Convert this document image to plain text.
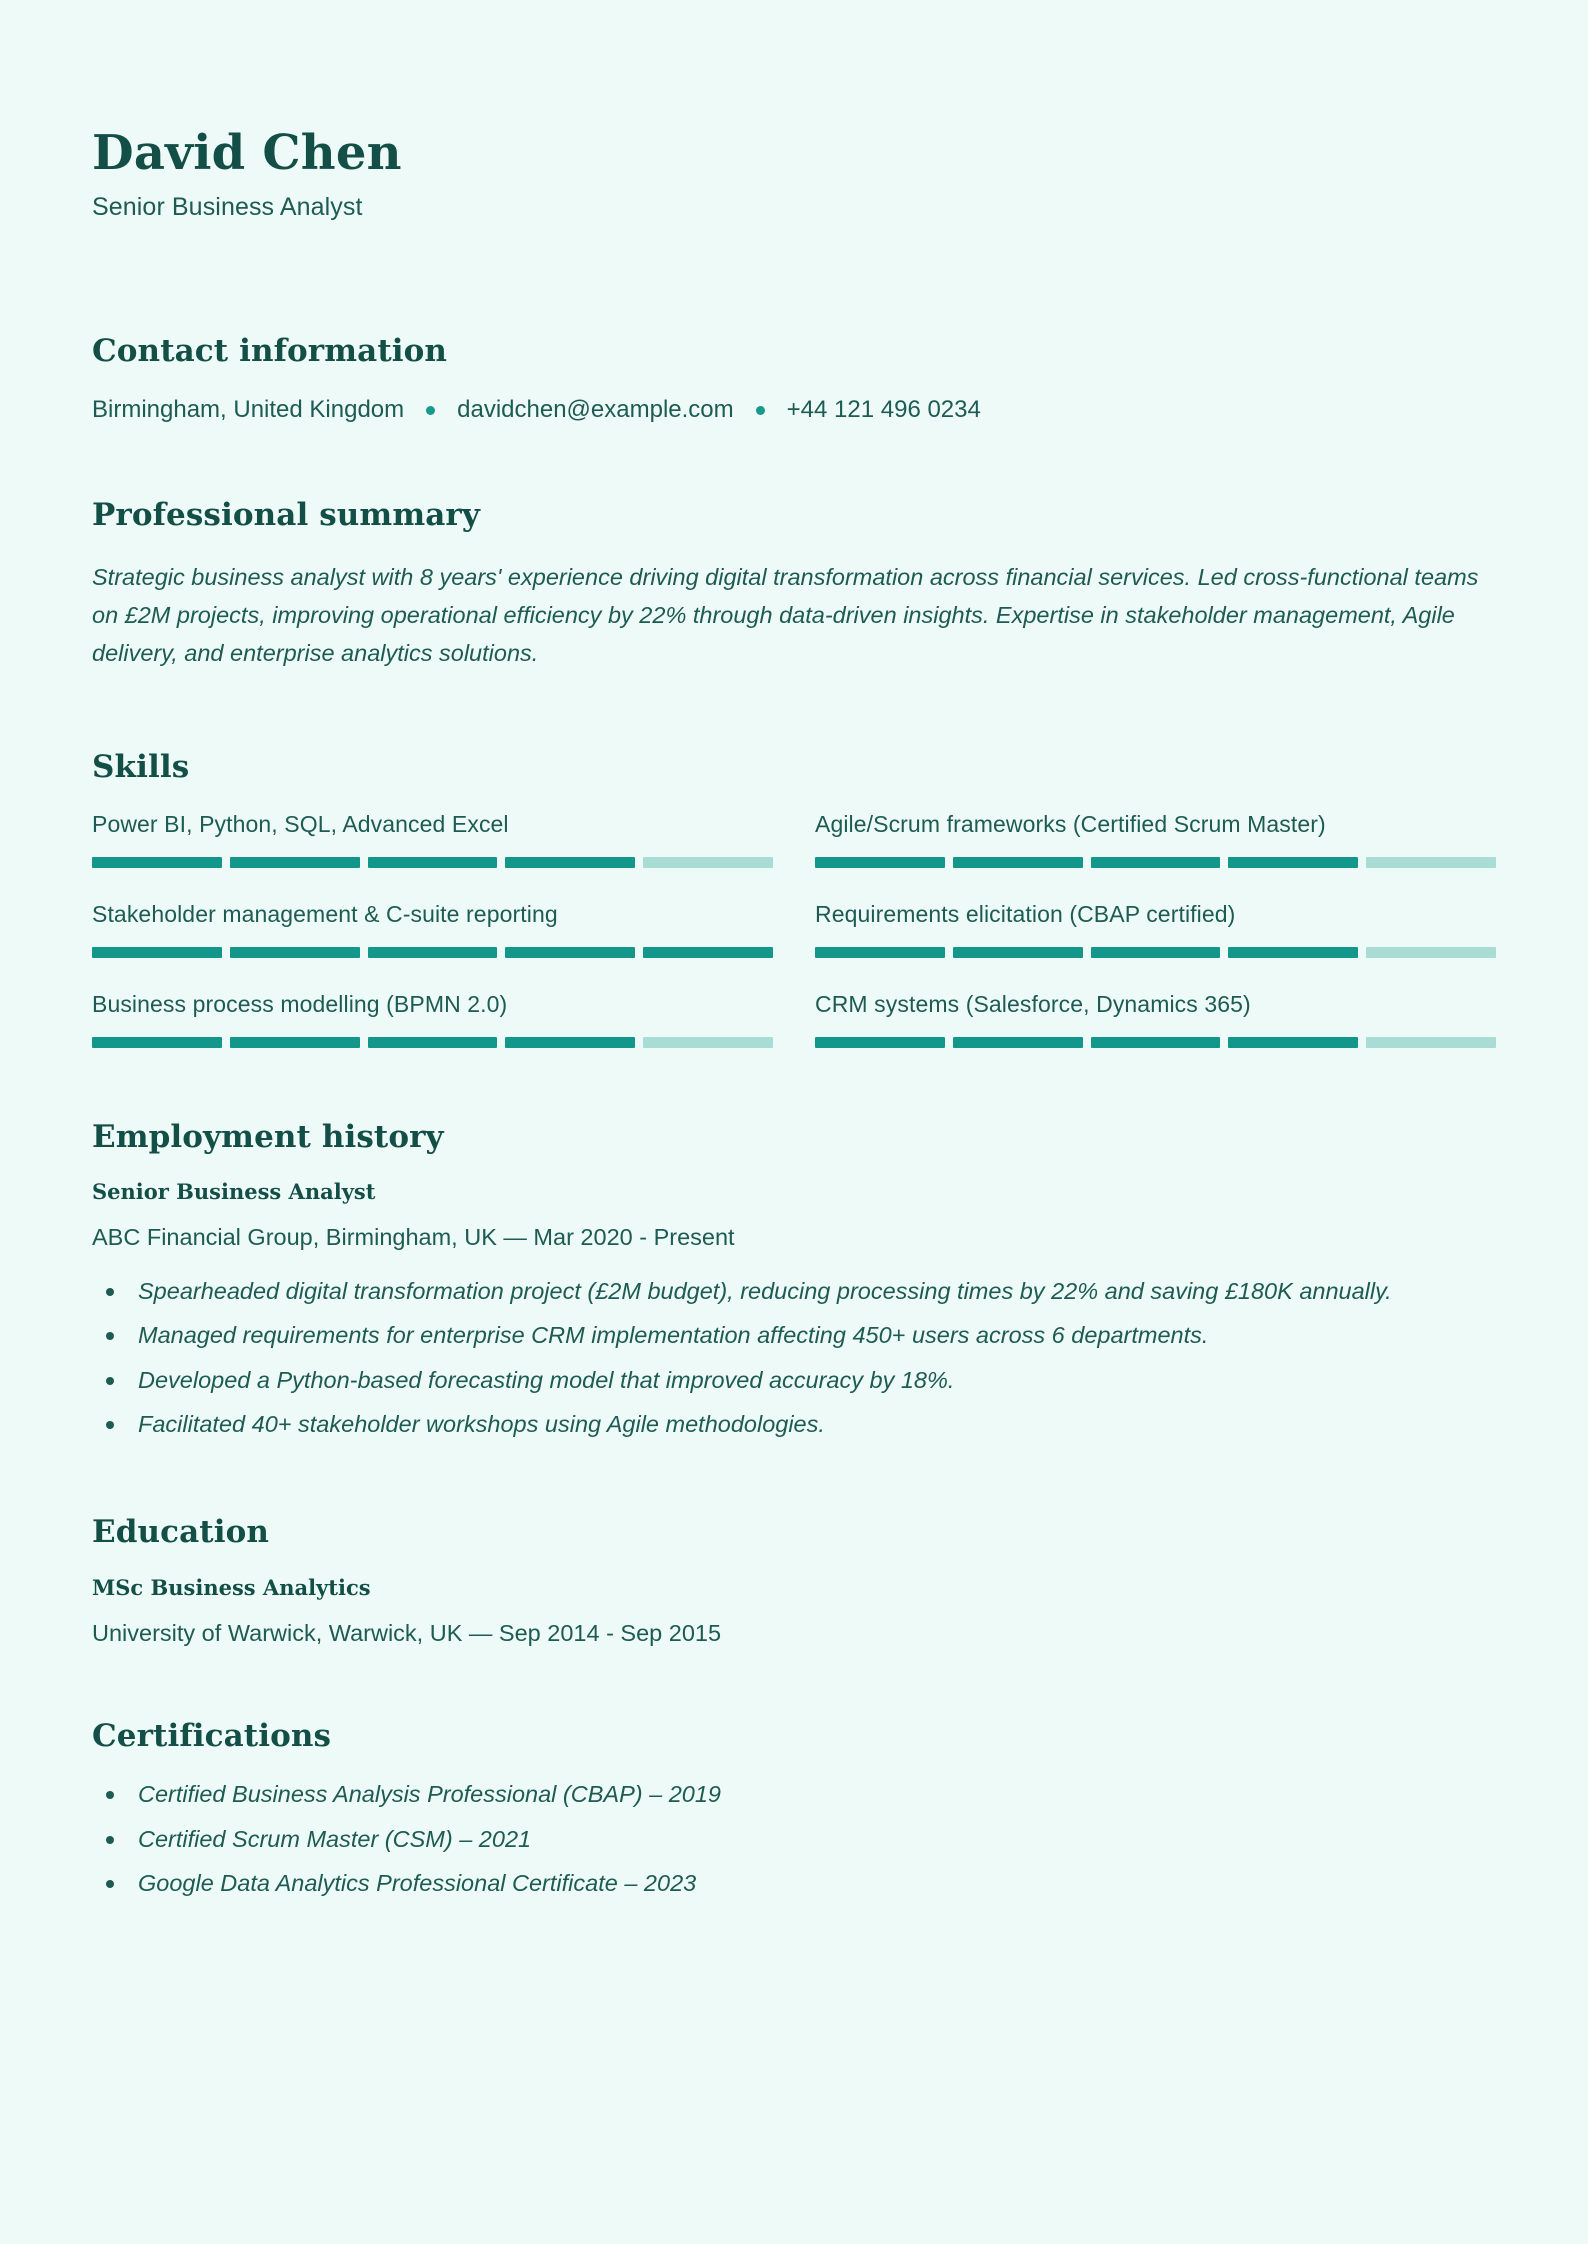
David Chen

Senior Business Analyst

Contact information
Birmingham, United Kingdom davidchen@example.com +44 121 496 0234
Professional summary

Strategic business analyst with 8 years' experience driving digital transformation across financial services. Led cross-functional teams on £2M projects, improving operational efficiency by 22% through data-driven insights. Expertise in stakeholder management, Agile delivery, and enterprise analytics solutions.

Skills
Power BI, Python, SQL, Advanced Excel	Agile/Scrum frameworks (Certified Scrum Master)
Stakeholder management & C-suite reporting	Requirements elicitation (CBAP certified)
Business process modelling (BPMN 2.0)	CRM systems (Salesforce, Dynamics 365)
Employment history
Senior Business Analyst
ABC Financial Group, Birmingham, UK — Mar 2020 - Present
Spearheaded digital transformation project (£2M budget), reducing processing times by 22% and saving £180K annually.
Managed requirements for enterprise CRM implementation affecting 450+ users across 6 departments.
Developed a Python-based forecasting model that improved accuracy by 18%.
Facilitated 40+ stakeholder workshops using Agile methodologies.
Education
MSc Business Analytics
University of Warwick, Warwick, UK — Sep 2014 - Sep 2015
Certifications
Certified Business Analysis Professional (CBAP) – 2019
Certified Scrum Master (CSM) – 2021
Google Data Analytics Professional Certificate – 2023
